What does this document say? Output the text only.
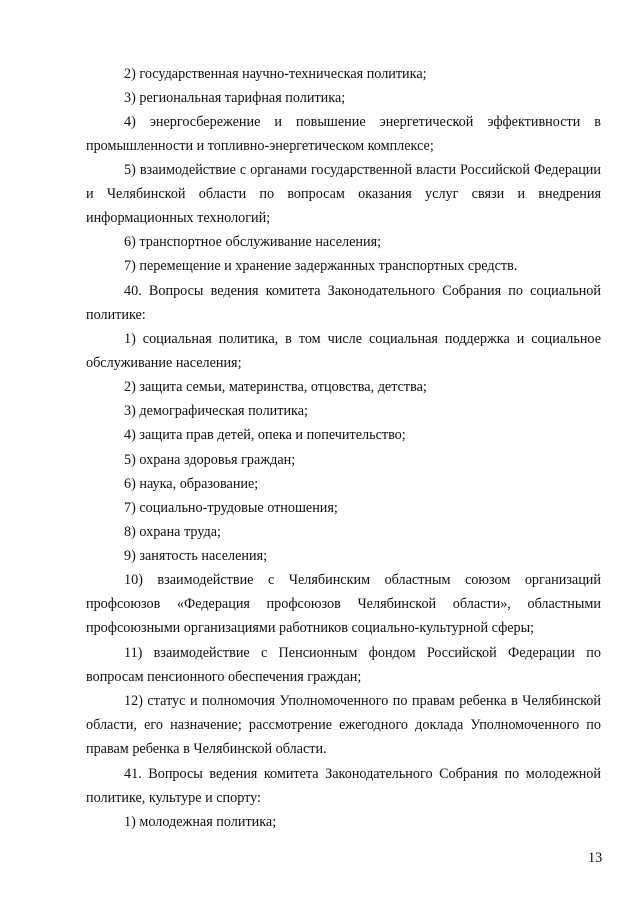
2) государственная научно-техническая политика;

3) региональная тарифная политика;

4) энергосбережение и повышение энергетической эффективности в промышленности и топливно-энергетическом комплексе;

5) взаимодействие с органами государственной власти Российской Федерации и Челябинской области по вопросам оказания услуг связи и внедрения информационных технологий;

6) транспортное обслуживание населения;

7) перемещение и хранение задержанных транспортных средств.

40. Вопросы ведения комитета Законодательного Собрания по социальной политике:

1) социальная политика, в том числе социальная поддержка и социальное обслуживание населения;

2) защита семьи, материнства, отцовства, детства;

3) демографическая политика;

4) защита прав детей, опека и попечительство;

5) охрана здоровья граждан;

6) наука, образование;

7) социально-трудовые отношения;

8) охрана труда;

9) занятость населения;

10) взаимодействие с Челябинским областным союзом организаций профсоюзов «Федерация профсоюзов Челябинской области», областными профсоюзными организациями работников социально-культурной сферы;

11) взаимодействие с Пенсионным фондом Российской Федерации по вопросам пенсионного обеспечения граждан;

12) статус и полномочия Уполномоченного по правам ребенка в Челябинской области, его назначение; рассмотрение ежегодного доклада Уполномоченного по правам ребенка в Челябинской области.

41. Вопросы ведения комитета Законодательного Собрания по молодежной политике, культуре и спорту:

1) молодежная политика;

13
